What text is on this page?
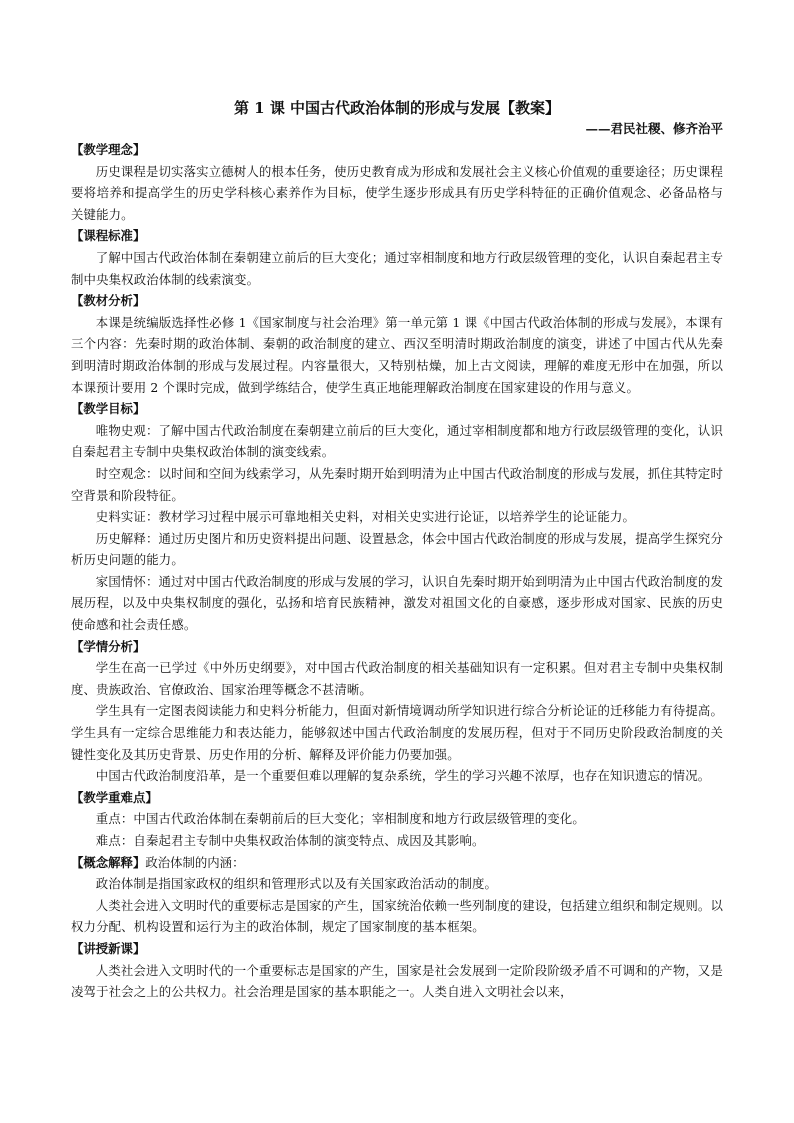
第 1 课 中国古代政治体制的形成与发展【教案】

——君民社稷、修齐治平

【教学理念】

历史课程是切实落实立德树人的根本任务，使历史教育成为形成和发展社会主义核心价值观的重要途径；历史课程要将培养和提高学生的历史学科核心素养作为目标，使学生逐步形成具有历史学科特征的正确价值观念、必备品格与关键能力。

【课程标准】

了解中国古代政治体制在秦朝建立前后的巨大变化；通过宰相制度和地方行政层级管理的变化，认识自秦起君主专制中央集权政治体制的线索演变。

【教材分析】

本课是统编版选择性必修 1《国家制度与社会治理》第一单元第 1 课《中国古代政治体制的形成与发展》，本课有三个内容：先秦时期的政治体制、秦朝的政治制度的建立、西汉至明清时期政治制度的演变，讲述了中国古代从先秦到明清时期政治体制的形成与发展过程。内容量很大，又特别枯燥，加上古文阅读，理解的难度无形中在加强，所以本课预计要用 2 个课时完成，做到学练结合，使学生真正地能理解政治制度在国家建设的作用与意义。

【教学目标】

唯物史观：了解中国古代政治制度在秦朝建立前后的巨大变化，通过宰相制度都和地方行政层级管理的变化，认识自秦起君主专制中央集权政治体制的演变线索。

时空观念：以时间和空间为线索学习，从先秦时期开始到明清为止中国古代政治制度的形成与发展，抓住其特定时空背景和阶段特征。

史料实证：教材学习过程中展示可靠地相关史料，对相关史实进行论证，以培养学生的论证能力。

历史解释：通过历史图片和历史资料提出问题、设置悬念，体会中国古代政治制度的形成与发展，提高学生探究分析历史问题的能力。

家国情怀：通过对中国古代政治制度的形成与发展的学习，认识自先秦时期开始到明清为止中国古代政治制度的发展历程，以及中央集权制度的强化，弘扬和培育民族精神，激发对祖国文化的自豪感，逐步形成对国家、民族的历史使命感和社会责任感。

【学情分析】

学生在高一已学过《中外历史纲要》，对中国古代政治制度的相关基础知识有一定积累。但对君主专制中央集权制度、贵族政治、官僚政治、国家治理等概念不甚清晰。

学生具有一定图表阅读能力和史料分析能力，但面对新情境调动所学知识进行综合分析论证的迁移能力有待提高。学生具有一定综合思维能力和表达能力，能够叙述中国古代政治制度的发展历程，但对于不同历史阶段政治制度的关键性变化及其历史背景、历史作用的分析、解释及评价能力仍要加强。

中国古代政治制度沿革，是一个重要但难以理解的复杂系统，学生的学习兴趣不浓厚，也存在知识遗忘的情况。

【教学重难点】

重点：中国古代政治体制在秦朝前后的巨大变化；宰相制度和地方行政层级管理的变化。

难点：自秦起君主专制中央集权政治体制的演变特点、成因及其影响。

【概念解释】政治体制的内涵：

政治体制是指国家政权的组织和管理形式以及有关国家政治活动的制度。

人类社会进入文明时代的重要标志是国家的产生，国家统治依赖一些列制度的建设，包括建立组织和制定规则。以权力分配、机构设置和运行为主的政治体制，规定了国家制度的基本框架。

【讲授新课】

人类社会进入文明时代的一个重要标志是国家的产生，国家是社会发展到一定阶段阶级矛盾不可调和的产物，又是凌驾于社会之上的公共权力。社会治理是国家的基本职能之一。人类自进入文明社会以来，
